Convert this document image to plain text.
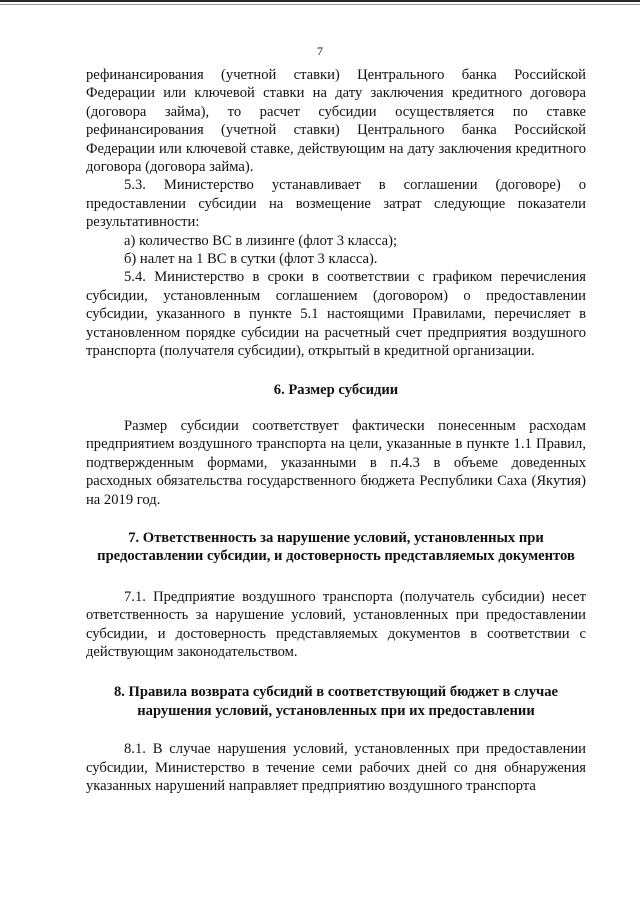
7

рефинансирования (учетной ставки) Центрального банка Российской Федерации или ключевой ставки на дату заключения кредитного договора (договора займа), то расчет субсидии осуществляется по ставке рефинансирования (учетной ставки) Центрального банка Российской Федерации или ключевой ставке, действующим на дату заключения кредитного договора (договора займа).

5.3. Министерство устанавливает в соглашении (договоре) о предоставлении субсидии на возмещение затрат следующие показатели результативности:

а) количество ВС в лизинге (флот 3 класса);

б) налет на 1 ВС в сутки (флот 3 класса).

5.4. Министерство в сроки в соответствии с графиком перечисления субсидии, установленным соглашением (договором) о предоставлении субсидии, указанного в пункте 5.1 настоящими Правилами, перечисляет в установленном порядке субсидии на расчетный счет предприятия воздушного транспорта (получателя субсидии), открытый в кредитной организации.

6. Размер субсидии

Размер субсидии соответствует фактически понесенным расходам предприятием воздушного транспорта на цели, указанные в пункте 1.1 Правил, подтвержденным формами, указанными в п.4.3 в объеме доведенных расходных обязательства государственного бюджета Республики Саха (Якутия) на 2019 год.

7. Ответственность за нарушение условий, установленных при
предоставлении субсидии, и достоверность представляемых документов

7.1. Предприятие воздушного транспорта (получатель субсидии) несет ответственность за нарушение условий, установленных при предоставлении субсидии, и достоверность представляемых документов в соответствии с действующим законодательством.

8. Правила возврата субсидий в соответствующий бюджет в случае
нарушения условий, установленных при их предоставлении

8.1. В случае нарушения условий, установленных при предоставлении субсидии, Министерство в течение семи рабочих дней со дня обнаружения указанных нарушений направляет предприятию воздушного транспорта
